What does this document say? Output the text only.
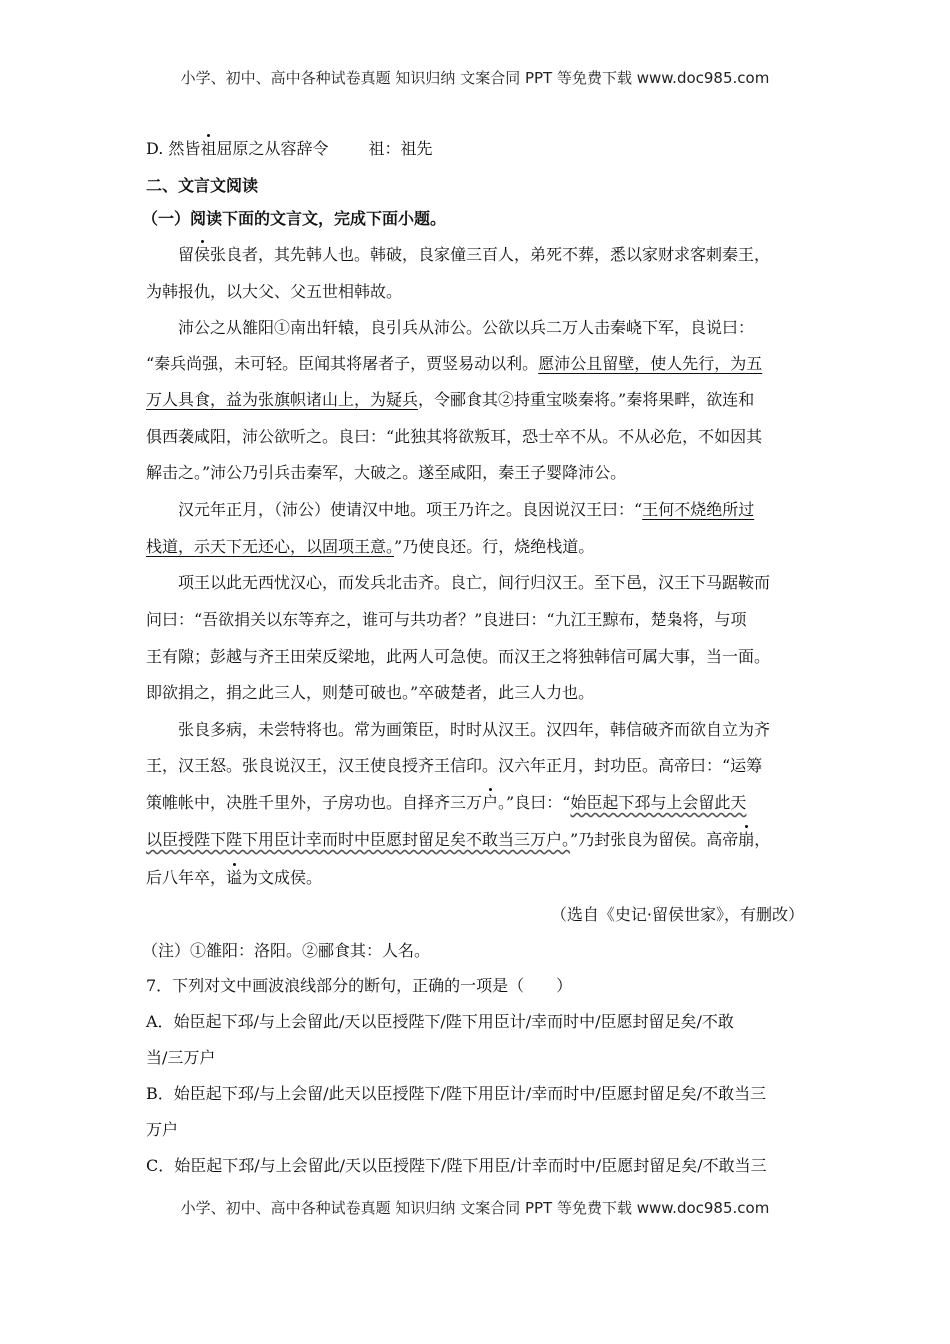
小学、初中、高中各种试卷真题 知识归纳 文案合同 PPT 等免费下载 www.doc985.com
D. 然皆祖屈原之从容辞令	祖：祖先
二、文言文阅读
（一）阅读下面的文言文，完成下面小题。
留侯张良者，其先韩人也。韩破，良家僮三百人，弟死不葬，悉以家财求客刺秦王，
为韩报仇，以大父、父五世相韩故。
沛公之从雒阳①南出轩辕，良引兵从沛公。公欲以兵二万人击秦峣下军，良说曰：
“秦兵尚强，未可轻。臣闻其将屠者子，贾竖易动以利。愿沛公且留壁，使人先行，为五
万人具食，益为张旗帜诸山上，为疑兵，令郦食其②持重宝啖秦将。”秦将果畔，欲连和
俱西袭咸阳，沛公欲听之。良曰：“此独其将欲叛耳，恐士卒不从。不从必危，不如因其
解击之。”沛公乃引兵击秦军，大破之。遂至咸阳，秦王子婴降沛公。
汉元年正月，（沛公）使请汉中地。项王乃许之。良因说汉王曰：“王何不烧绝所过
栈道，示天下无还心，以固项王意。”乃使良还。行，烧绝栈道。
项王以此无西忧汉心，而发兵北击齐。良亡，间行归汉王。至下邑，汉王下马踞鞍而
问曰：“吾欲捐关以东等弃之，谁可与共功者？”良进曰：“九江王黥布，楚枭将，与项
王有隙；彭越与齐王田荣反梁地，此两人可急使。而汉王之将独韩信可属大事，当一面。
即欲捐之，捐之此三人，则楚可破也。”卒破楚者，此三人力也。
张良多病，未尝特将也。常为画策臣，时时从汉王。汉四年，韩信破齐而欲自立为齐
王，汉王怒。张良说汉王，汉王使良授齐王信印。汉六年正月，封功臣。高帝曰：“运筹
策帷帐中，决胜千里外，子房功也。自择齐三万户。”良曰：“始臣起下邳与上会留此天
以臣授陛下陛下用臣计幸而时中臣愿封留足矣不敢当三万户。”乃封张良为留侯。高帝崩，
后八年卒，谥为文成侯。
（选自《史记·留侯世家》，有删改）
（注）①雒阳：洛阳。②郦食其：人名。
7．下列对文中画波浪线部分的断句，正确的一项是（　　）
A．始臣起下邳/与上会留此/天以臣授陛下/陛下用臣计/幸而时中/臣愿封留足矣/不敢
当/三万户
B．始臣起下邳/与上会留/此天以臣授陛下/陛下用臣计/幸而时中/臣愿封留足矣/不敢当三
万户
C．始臣起下邳/与上会留此/天以臣授陛下/陛下用臣/计幸而时中/臣愿封留足矣/不敢当三
小学、初中、高中各种试卷真题 知识归纳 文案合同 PPT 等免费下载 www.doc985.com
